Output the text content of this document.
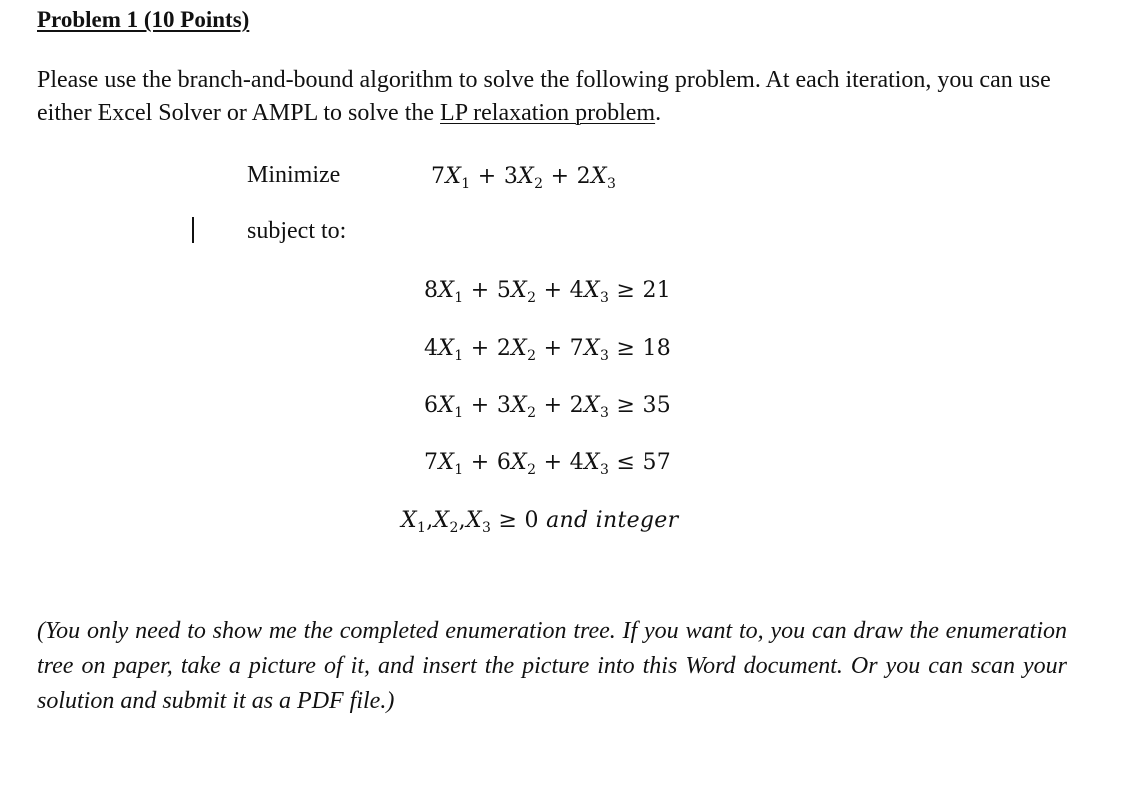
Problem 1 (10 Points)
Please use the branch-and-bound algorithm to solve the following problem. At each iteration, you can use either Excel Solver or AMPL to solve the LP relaxation problem.
Minimize	$7X_1 + 3X_2 + 2X_3$
subject to:
$8X_1 + 5X_2 + 4X_3 \ge 21$
$4X_1 + 2X_2 + 7X_3 \ge 18$
$6X_1 + 3X_2 + 2X_3 \ge 35$
$7X_1 + 6X_2 + 4X_3 \le 57$
$X_1,X_2,X_3 \ge 0$ and integer
(You only need to show me the completed enumeration tree. If you want to, you can draw the enumeration tree on paper, take a picture of it, and insert the picture into this Word document. Or you can scan your solution and submit it as a PDF file.)
